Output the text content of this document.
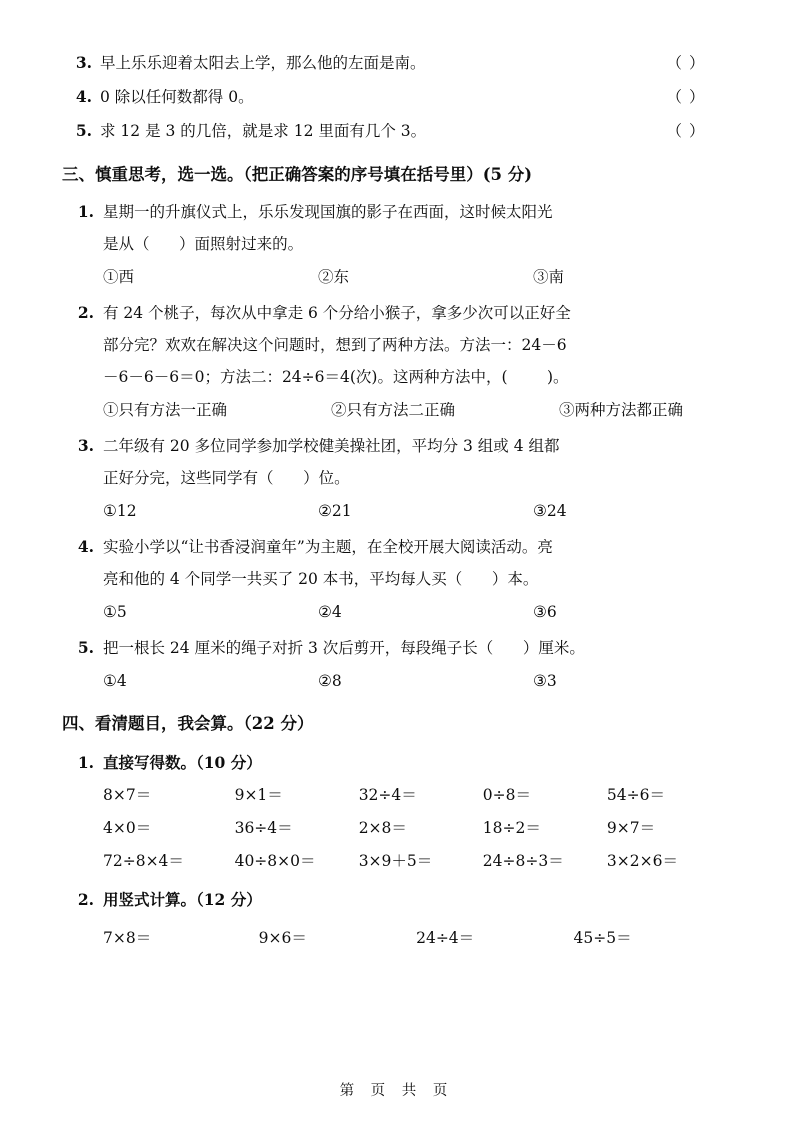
3. 早上乐乐迎着太阳去上学，那么他的左面是南。	（ ）
4. 0 除以任何数都得 0。	（ ）
5. 求 12 是 3 的几倍，就是求 12 里面有几个 3。	（ ）
三、慎重思考，选一选。（把正确答案的序号填在括号里）(5 分)
1. 星期一的升旗仪式上，乐乐发现国旗的影子在西面，这时候太阳光
是从（      ）面照射过来的。
①西	②东	③南
2. 有 24 个桃子，每次从中拿走 6 个分给小猴子，拿多少次可以正好全
部分完？欢欢在解决这个问题时，想到了两种方法。方法一：24－6
－6－6－6＝0；方法二：24÷6＝4(次)。这两种方法中，(        )。
①只有方法一正确	②只有方法二正确	③两种方法都正确
3. 二年级有 20 多位同学参加学校健美操社团，平均分 3 组或 4 组都
正好分完，这些同学有（      ）位。
①12	②21	③24
4. 实验小学以“让书香浸润童年”为主题，在全校开展大阅读活动。亮
亮和他的 4 个同学一共买了 20 本书，平均每人买（      ）本。
①5	②4	③6
5. 把一根长 24 厘米的绳子对折 3 次后剪开，每段绳子长（      ）厘米。
①4	②8	③3
四、看清题目，我会算。（22 分）
1. 直接写得数。（10 分）
8×7＝	9×1＝	32÷4＝	0÷8＝	54÷6＝
4×0＝	36÷4＝	2×8＝	18÷2＝	9×7＝
72÷8×4＝	40÷8×0＝	3×9＋5＝	24÷8÷3＝	3×2×6＝
2. 用竖式计算。（12 分）
7×8＝	9×6＝	24÷4＝	45÷5＝
第 页 共 页
